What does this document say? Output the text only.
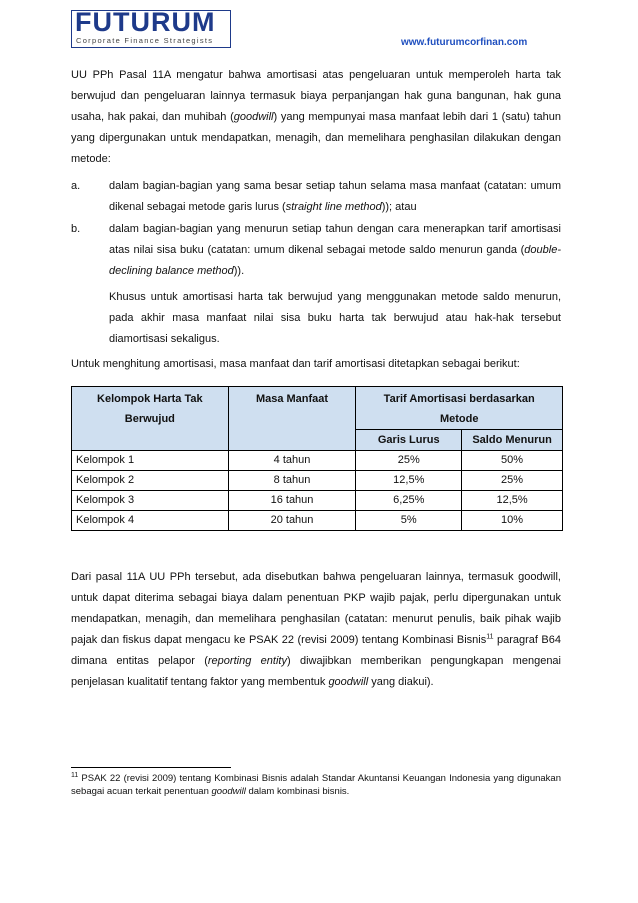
FUTURUM
Corporate Finance Strategists	www.futurumcorfinan.com

UU PPh Pasal 11A mengatur bahwa amortisasi atas pengeluaran untuk memperoleh harta tak berwujud dan pengeluaran lainnya termasuk biaya perpanjangan hak guna bangunan, hak guna usaha, hak pakai, dan muhibah (goodwill) yang mempunyai masa manfaat lebih dari 1 (satu) tahun yang dipergunakan untuk mendapatkan, menagih, dan memelihara penghasilan dilakukan dengan metode:

a.	dalam bagian-bagian yang sama besar setiap tahun selama masa manfaat (catatan: umum dikenal sebagai metode garis lurus (straight line method)); atau

b.	dalam bagian-bagian yang menurun setiap tahun dengan cara menerapkan tarif amortisasi atas nilai sisa buku (catatan: umum dikenal sebagai metode saldo menurun ganda (double-declining balance method)).

Khusus untuk amortisasi harta tak berwujud yang menggunakan metode saldo menurun, pada akhir masa manfaat nilai sisa buku harta tak berwujud atau hak-hak tersebut diamortisasi sekaligus.

Untuk menghitung amortisasi, masa manfaat dan tarif amortisasi ditetapkan sebagai berikut:

Kelompok Harta Tak
Berwujud	Masa Manfaat	Tarif Amortisasi berdasarkan
Metode	
		Garis Lurus	Saldo Menurun
Kelompok 1	4 tahun	25%	50%
Kelompok 2	8 tahun	12,5%	25%
Kelompok 3	16 tahun	6,25%	12,5%
Kelompok 4	20 tahun	5%	10%

Dari pasal 11A UU PPh tersebut, ada disebutkan bahwa pengeluaran lainnya, termasuk goodwill, untuk dapat diterima sebagai biaya dalam penentuan PKP wajib pajak, perlu dipergunakan untuk mendapatkan, menagih, dan memelihara penghasilan (catatan: menurut penulis, baik pihak wajib pajak dan fiskus dapat mengacu ke PSAK 22 (revisi 2009) tentang Kombinasi Bisnis$^{11}$ paragraf B64 dimana entitas pelapor (reporting entity) diwajibkan memberikan pengungkapan mengenai penjelasan kualitatif tentang faktor yang membentuk goodwill yang diakui).

$^{11}$ PSAK 22 (revisi 2009) tentang Kombinasi Bisnis adalah Standar Akuntansi Keuangan Indonesia yang digunakan sebagai acuan terkait penentuan goodwill dalam kombinasi bisnis.
